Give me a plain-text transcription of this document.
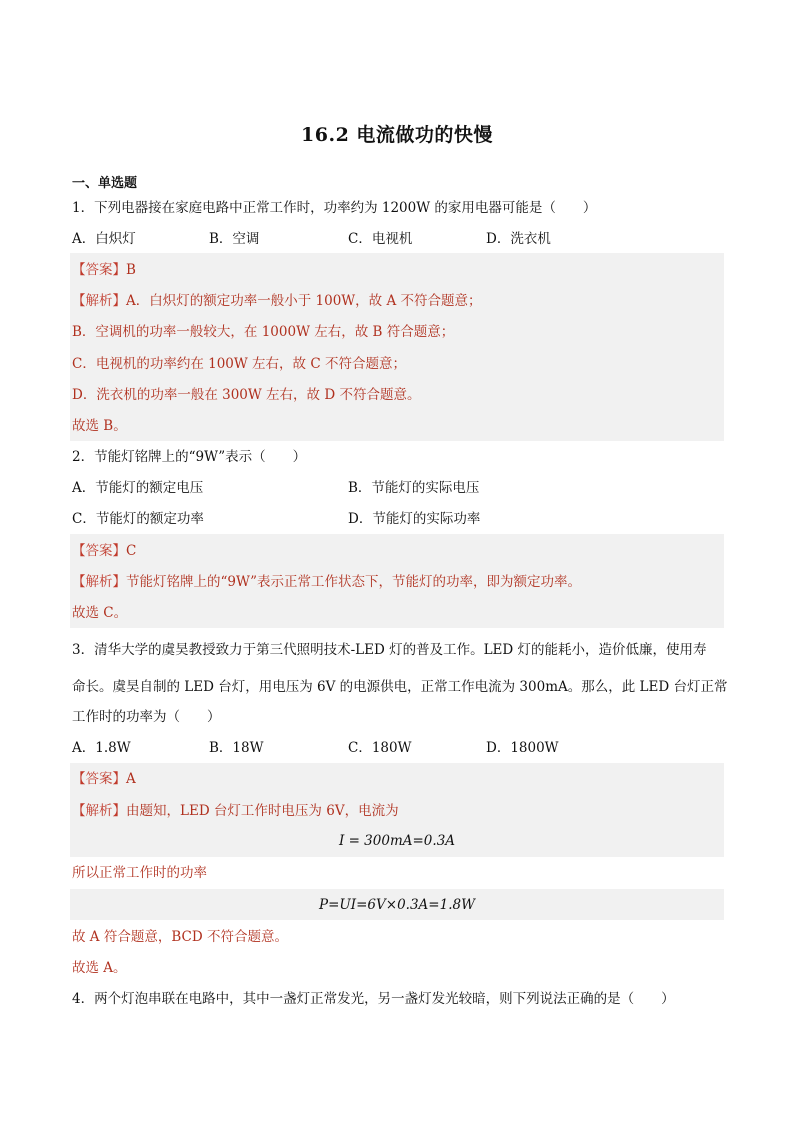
16.2 电流做功的快慢
一、单选题
1．下列电器接在家庭电路中正常工作时，功率约为 1200W 的家用电器可能是（　　）
A．白炽灯	B．空调	C．电视机	D．洗衣机
【答案】B
【解析】A．白炽灯的额定功率一般小于 100W，故 A 不符合题意；
B．空调机的功率一般较大，在 1000W 左右，故 B 符合题意；
C．电视机的功率约在 100W 左右，故 C 不符合题意；
D．洗衣机的功率一般在 300W 左右，故 D 不符合题意。
故选 B。
2．节能灯铭牌上的“9W”表示（　　）
A．节能灯的额定电压	B．节能灯的实际电压
C．节能灯的额定功率	D．节能灯的实际功率
【答案】C
【解析】节能灯铭牌上的“9W”表示正常工作状态下，节能灯的功率，即为额定功率。
故选 C。
3．清华大学的虞昊教授致力于第三代照明技术-LED 灯的普及工作。LED 灯的能耗小，造价低廉，使用寿
命长。虞昊自制的 LED 台灯，用电压为 6V 的电源供电，正常工作电流为 300mA。那么，此 LED 台灯正常
工作时的功率为（　　）
A．1.8W	B．18W	C．180W	D．1800W
【答案】A
【解析】由题知，LED 台灯工作时电压为 6V，电流为
I = 300mA=0.3A
所以正常工作时的功率
P=UI=6V×0.3A=1.8W
故 A 符合题意，BCD 不符合题意。
故选 A。
4．两个灯泡串联在电路中，其中一盏灯正常发光，另一盏灯发光较暗，则下列说法正确的是（　　）
